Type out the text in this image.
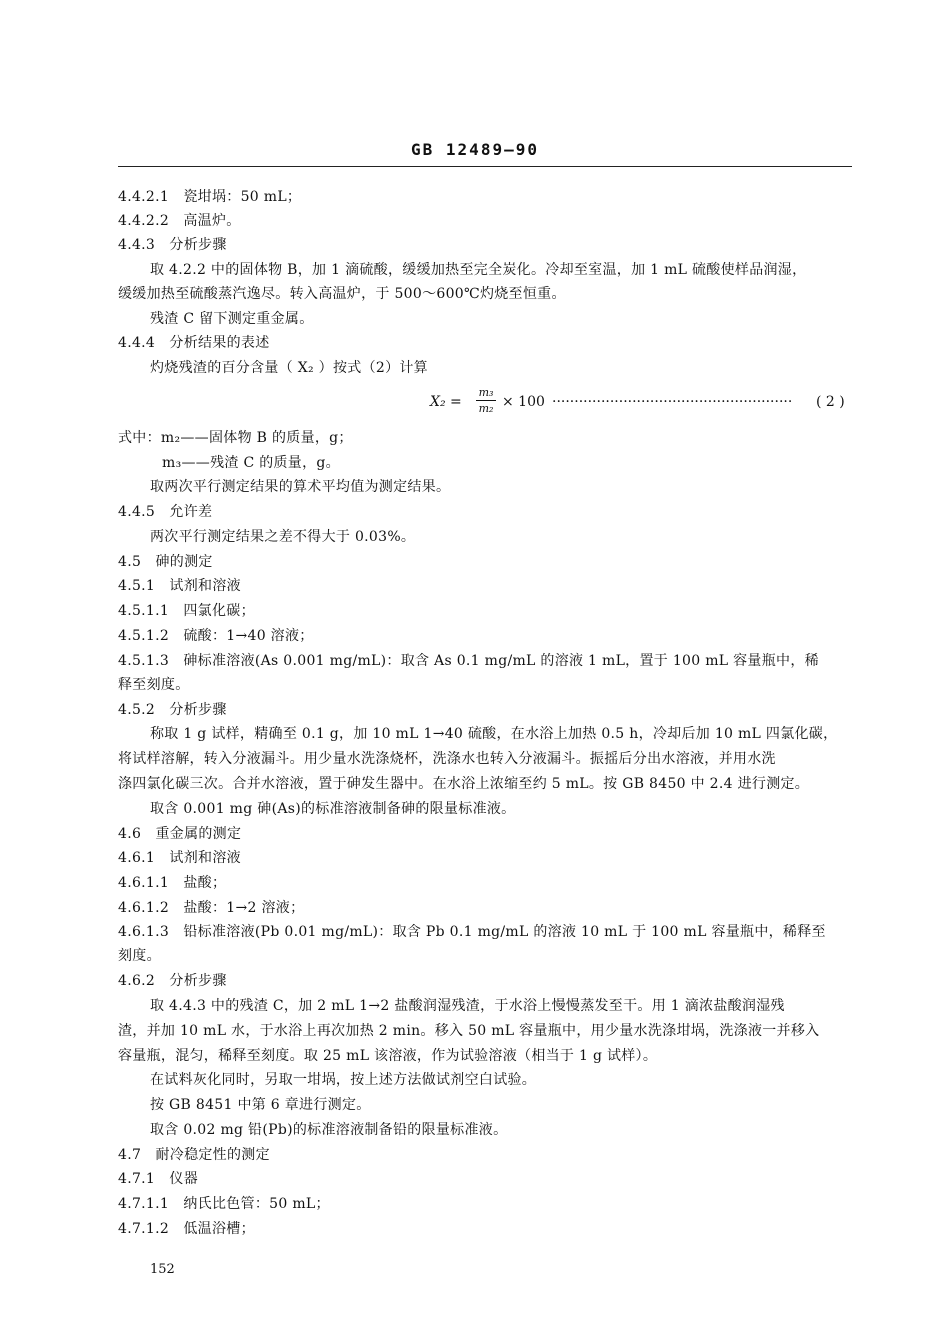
GB 12489—90
4.4.2.1　瓷坩埚：50 mL；
4.4.2.2　高温炉。
4.4.3　分析步骤
取 4.2.2 中的固体物 B，加 1 滴硫酸，缓缓加热至完全炭化。冷却至室温，加 1 mL 硫酸使样品润湿，
缓缓加热至硫酸蒸汽逸尽。转入高温炉，于 500～600℃灼烧至恒重。
残渣 C 留下测定重金属。
4.4.4　分析结果的表述
灼烧残渣的百分含量（ X₂ ）按式（2）计算
X₂ =
m₃
m₂ × 100 ······················································ ( 2 )
式中：m₂——固体物 B 的质量，g；
m₃——残渣 C 的质量，g。
取两次平行测定结果的算术平均值为测定结果。
4.4.5　允许差
两次平行测定结果之差不得大于 0.03%。
4.5　砷的测定
4.5.1　试剂和溶液
4.5.1.1　四氯化碳；
4.5.1.2　硫酸：1→40 溶液；
4.5.1.3　砷标准溶液(As 0.001 mg/mL)：取含 As 0.1 mg/mL 的溶液 1 mL，置于 100 mL 容量瓶中，稀
释至刻度。
4.5.2　分析步骤
称取 1 g 试样，精确至 0.1 g，加 10 mL 1→40 硫酸，在水浴上加热 0.5 h，冷却后加 10 mL 四氯化碳，
将试样溶解，转入分液漏斗。用少量水洗涤烧杯，洗涤水也转入分液漏斗。振摇后分出水溶液，并用水洗
涤四氯化碳三次。合并水溶液，置于砷发生器中。在水浴上浓缩至约 5 mL。按 GB 8450 中 2.4 进行测定。
取含 0.001 mg 砷(As)的标准溶液制备砷的限量标准液。
4.6　重金属的测定
4.6.1　试剂和溶液
4.6.1.1　盐酸；
4.6.1.2　盐酸：1→2 溶液；
4.6.1.3　铅标准溶液(Pb 0.01 mg/mL)：取含 Pb 0.1 mg/mL 的溶液 10 mL 于 100 mL 容量瓶中，稀释至
刻度。
4.6.2　分析步骤
取 4.4.3 中的残渣 C，加 2 mL 1→2 盐酸润湿残渣，于水浴上慢慢蒸发至干。用 1 滴浓盐酸润湿残
渣，并加 10 mL 水，于水浴上再次加热 2 min。移入 50 mL 容量瓶中，用少量水洗涤坩埚，洗涤液一并移入
容量瓶，混匀，稀释至刻度。取 25 mL 该溶液，作为试验溶液（相当于 1 g 试样）。
在试料灰化同时，另取一坩埚，按上述方法做试剂空白试验。
按 GB 8451 中第 6 章进行测定。
取含 0.02 mg 铅(Pb)的标准溶液制备铅的限量标准液。
4.7　耐冷稳定性的测定
4.7.1　仪器
4.7.1.1　纳氏比色管：50 mL；
4.7.1.2　低温浴槽；
152
